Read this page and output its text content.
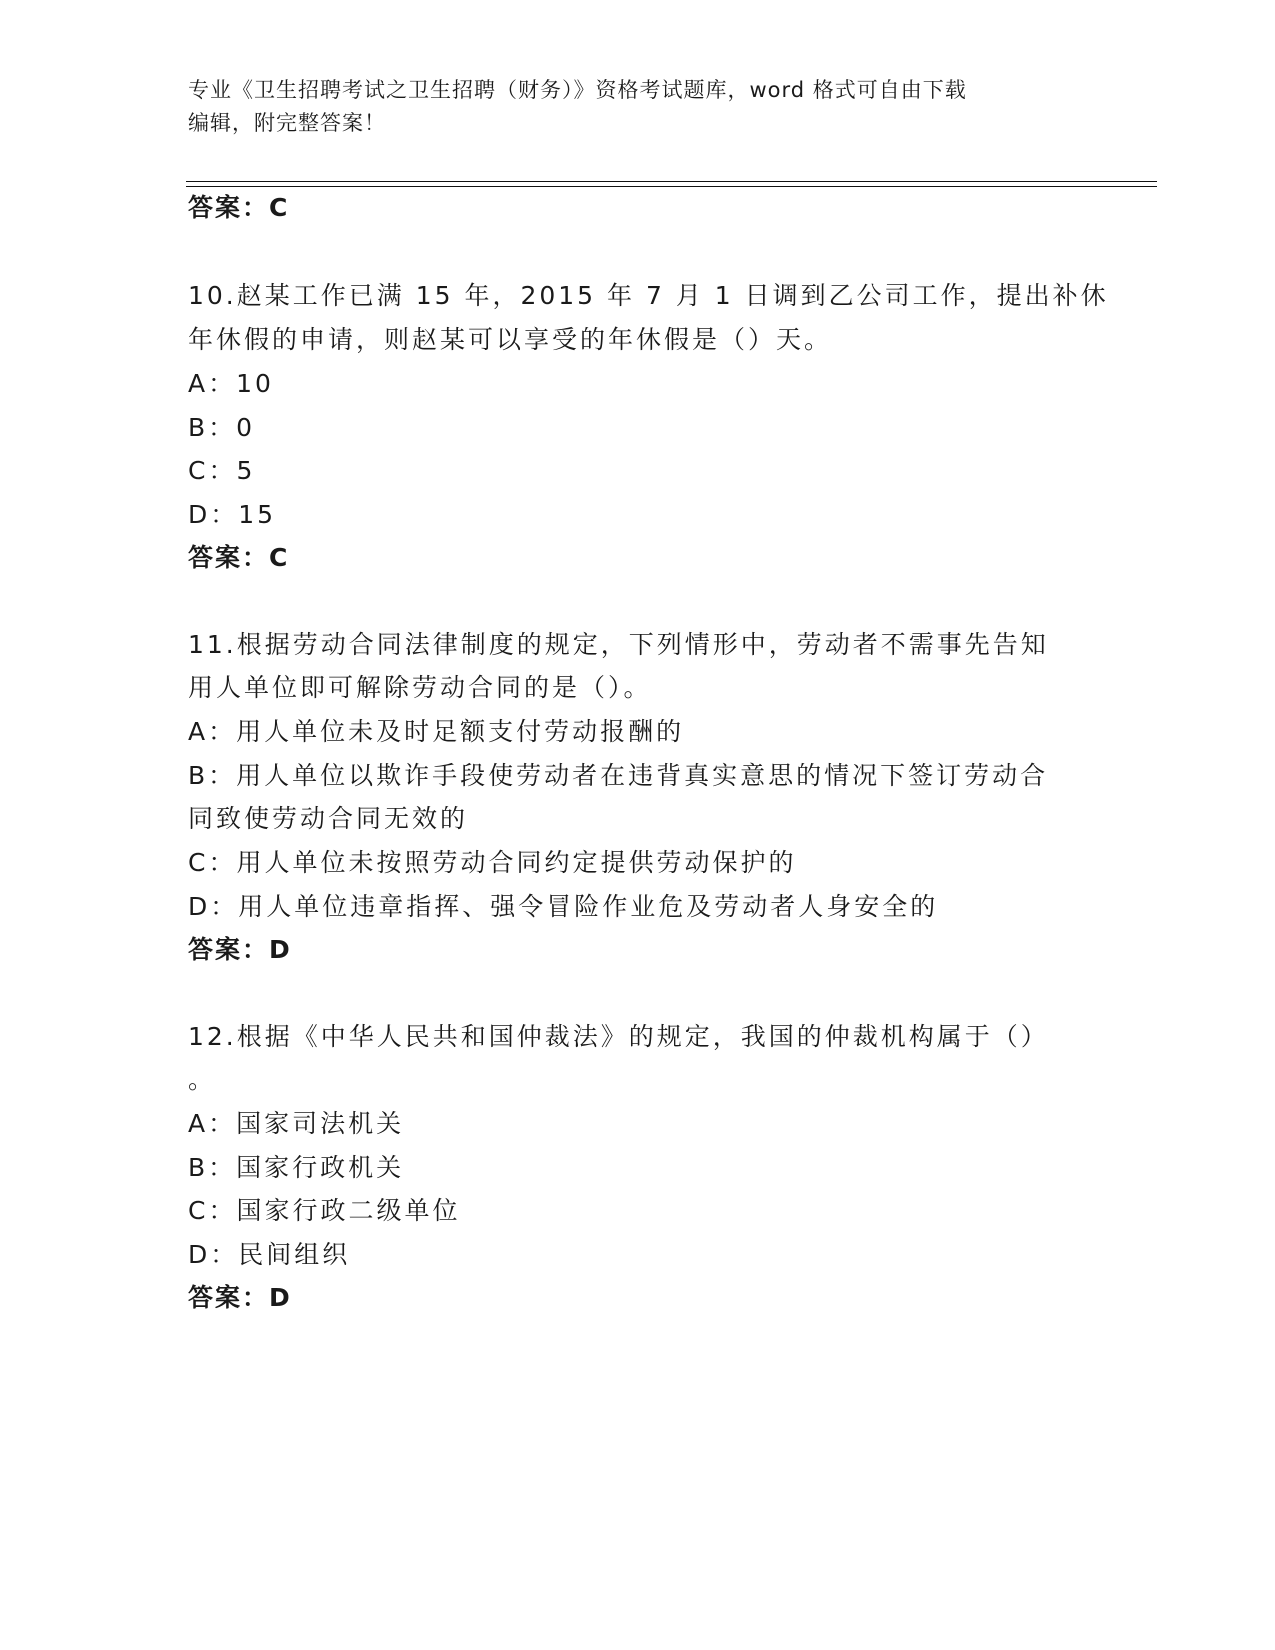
专业《卫生招聘考试之卫生招聘（财务）》资格考试题库，word 格式可自由下载
编辑，附完整答案！
答案：C
10.赵某工作已满 15 年，2015 年 7 月 1 日调到乙公司工作，提出补休
年休假的申请，则赵某可以享受的年休假是（）天。
A：10
B：0
C：5
D：15
答案：C
11.根据劳动合同法律制度的规定，下列情形中，劳动者不需事先告知
用人单位即可解除劳动合同的是（）。
A：用人单位未及时足额支付劳动报酬的
B：用人单位以欺诈手段使劳动者在违背真实意思的情况下签订劳动合
同致使劳动合同无效的
C：用人单位未按照劳动合同约定提供劳动保护的
D：用人单位违章指挥、强令冒险作业危及劳动者人身安全的
答案：D
12.根据《中华人民共和国仲裁法》的规定，我国的仲裁机构属于（）
。
A：国家司法机关
B：国家行政机关
C：国家行政二级单位
D：民间组织
答案：D
